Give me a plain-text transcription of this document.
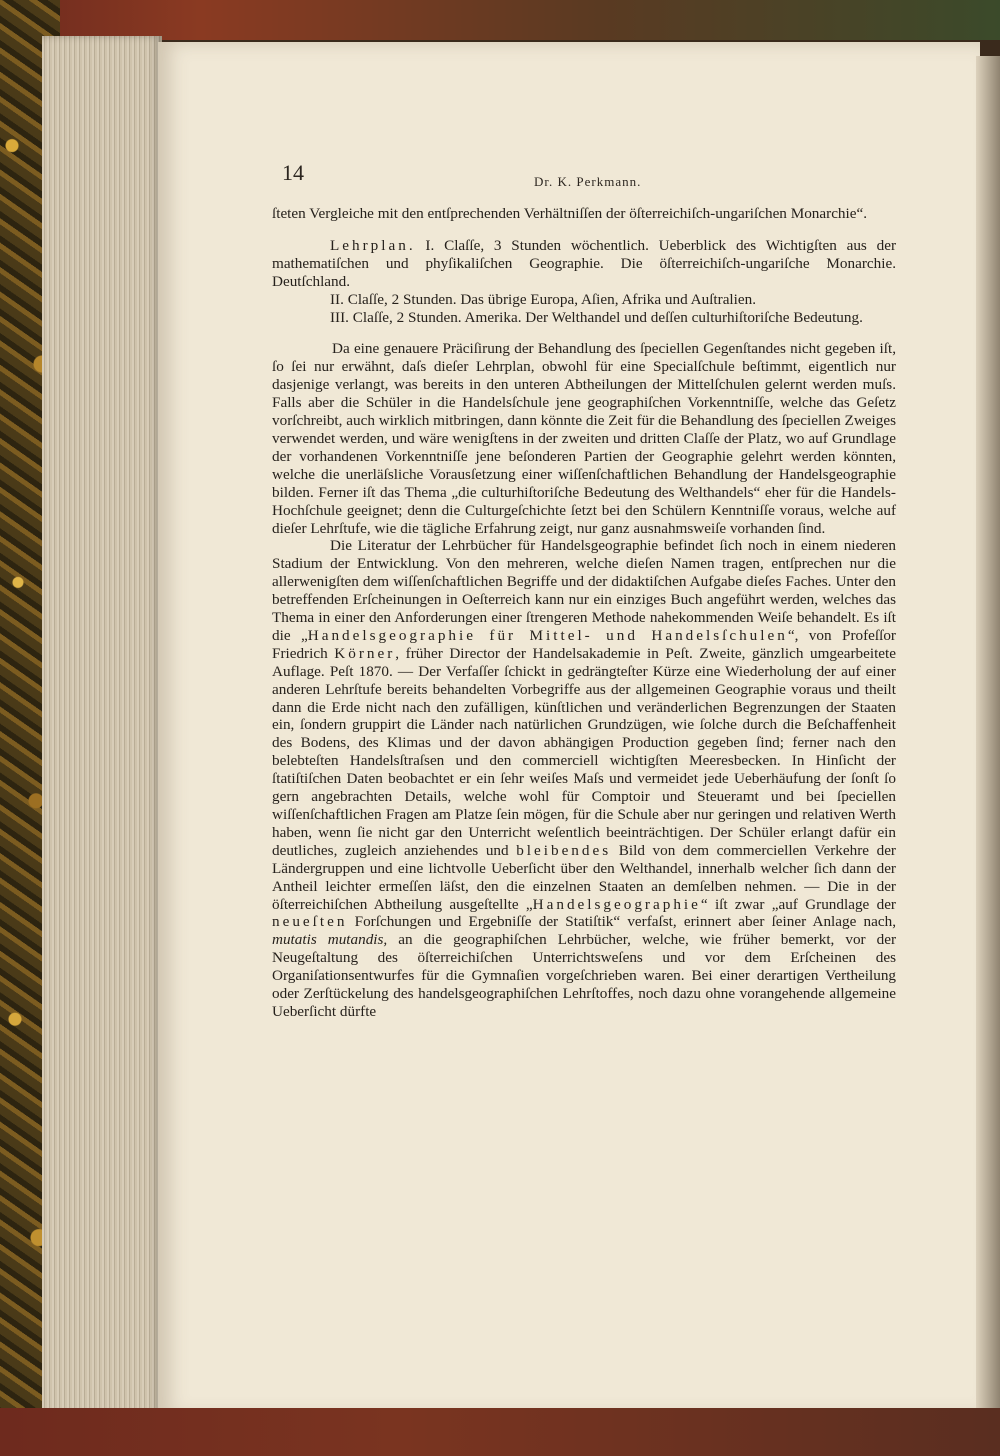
14	Dr. K. Perkmann.

ſteten Vergleiche mit den entſprechenden Verhältniſſen der öſterreichiſch-ungariſchen Monarchie“.

Lehrplan. I. Claſſe, 3 Stunden wöchentlich. Ueberblick des Wichtigſten aus der mathematiſchen und phyſikaliſchen Geographie. Die öſterreichiſch-ungariſche Monarchie. Deutſchland.

II. Claſſe, 2 Stunden. Das übrige Europa, Aſien, Afrika und Auſtralien.

III. Claſſe, 2 Stunden. Amerika. Der Welthandel und deſſen culturhiſtoriſche Bedeutung.

Da eine genauere Präciſirung der Behandlung des ſpeciellen Gegenſtandes nicht gegeben iſt, ſo ſei nur erwähnt, daſs dieſer Lehrplan, obwohl für eine Specialſchule beſtimmt, eigentlich nur dasjenige verlangt, was bereits in den unteren Abtheilungen der Mittelſchulen gelernt werden muſs. Falls aber die Schüler in die Handelsſchule jene geographiſchen Vorkenntniſſe, welche das Geſetz vorſchreibt, auch wirklich mitbringen, dann könnte die Zeit für die Behandlung des ſpeciellen Zweiges verwendet werden, und wäre wenigſtens in der zweiten und dritten Claſſe der Platz, wo auf Grundlage der vorhandenen Vorkenntniſſe jene beſonderen Partien der Geographie gelehrt werden könnten, welche die unerläſsliche Vorausſetzung einer wiſſenſchaftlichen Behandlung der Handelsgeographie bilden. Ferner iſt das Thema „die culturhiſtoriſche Bedeutung des Welthandels“ eher für die Handels-Hochſchule geeignet; denn die Culturgeſchichte ſetzt bei den Schülern Kenntniſſe voraus, welche auf dieſer Lehrſtufe, wie die tägliche Erfahrung zeigt, nur ganz ausnahmsweiſe vorhanden ſind.

Die Literatur der Lehrbücher für Handelsgeographie befindet ſich noch in einem niederen Stadium der Entwicklung. Von den mehreren, welche dieſen Namen tragen, entſprechen nur die allerwenigſten dem wiſſenſchaftlichen Begriffe und der didaktiſchen Aufgabe dieſes Faches. Unter den betreffenden Erſcheinungen in Oeſterreich kann nur ein einziges Buch angeführt werden, welches das Thema in einer den Anforderungen einer ſtrengeren Methode nahekommenden Weiſe behandelt. Es iſt die „Handelsgeographie für Mittel- und Handelsſchulen“, von Profeſſor Friedrich Körner, früher Director der Handelsakademie in Peſt. Zweite, gänzlich umgearbeitete Auflage. Peſt 1870. — Der Verfaſſer ſchickt in gedrängteſter Kürze eine Wiederholung der auf einer anderen Lehrſtufe bereits behandelten Vorbegriffe aus der allgemeinen Geographie voraus und theilt dann die Erde nicht nach den zufälligen, künſtlichen und veränderlichen Begrenzungen der Staaten ein, ſondern gruppirt die Länder nach natürlichen Grundzügen, wie ſolche durch die Beſchaffenheit des Bodens, des Klimas und der davon abhängigen Production gegeben ſind; ferner nach den belebteſten Handelsſtraſsen und den commerciell wichtigſten Meeresbecken. In Hinſicht der ſtatiſtiſchen Daten beobachtet er ein ſehr weiſes Maſs und vermeidet jede Ueberhäufung der ſonſt ſo gern angebrachten Details, welche wohl für Comptoir und Steueramt und bei ſpeciellen wiſſenſchaftlichen Fragen am Platze ſein mögen, für die Schule aber nur geringen und relativen Werth haben, wenn ſie nicht gar den Unterricht weſentlich beeinträchtigen. Der Schüler erlangt dafür ein deutliches, zugleich anziehendes und bleibendes Bild von dem commerciellen Verkehre der Ländergruppen und eine lichtvolle Ueberſicht über den Welthandel, innerhalb welcher ſich dann der Antheil leichter ermeſſen läſst, den die einzelnen Staaten an demſelben nehmen. — Die in der öſterreichiſchen Abtheilung ausgeſtellte „Handelsgeographie“ iſt zwar „auf Grundlage der neueſten Forſchungen und Ergebniſſe der Statiſtik“ verfaſst, erinnert aber ſeiner Anlage nach, mutatis mutandis, an die geographiſchen Lehrbücher, welche, wie früher bemerkt, vor der Neugeſtaltung des öſterreichiſchen Unterrichtsweſens und vor dem Erſcheinen des Organiſationsentwurfes für die Gymnaſien vorgeſchrieben waren. Bei einer derartigen Vertheilung oder Zerſtückelung des handelsgeographiſchen Lehrſtoffes, noch dazu ohne vorangehende allgemeine Ueberſicht dürfte
